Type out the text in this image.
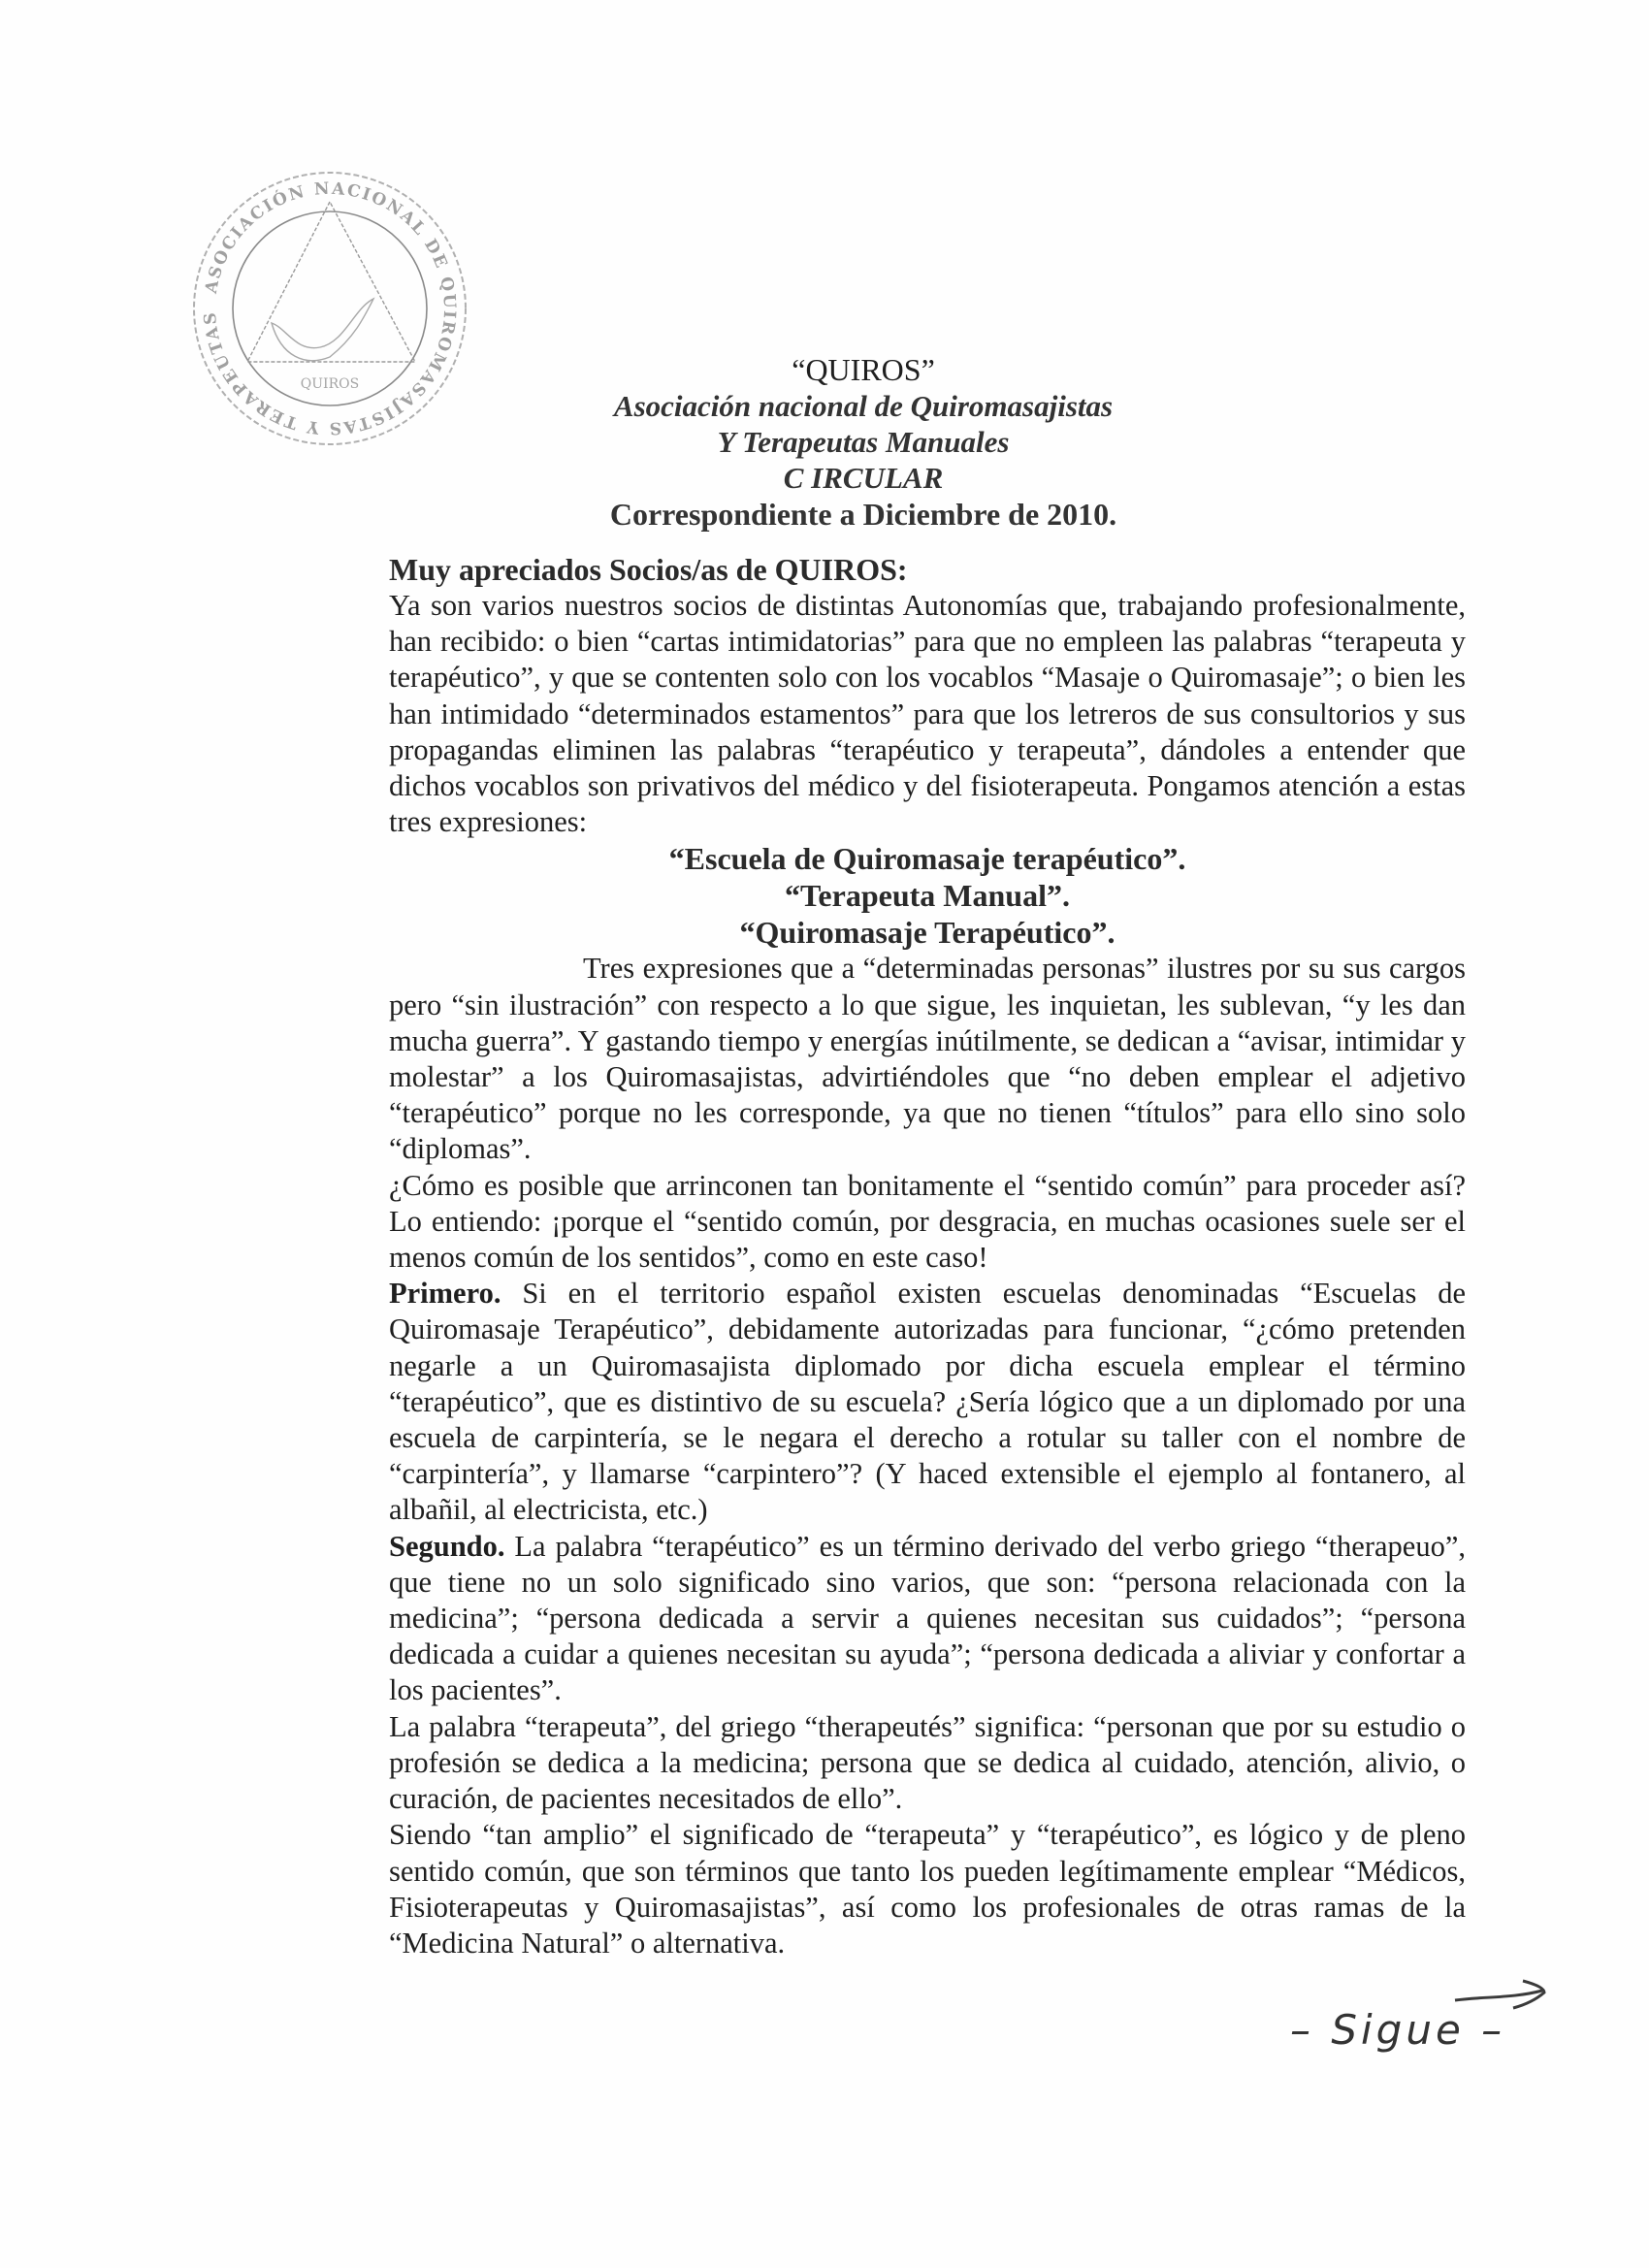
ASOCIACIÓN NACIONAL DE QUIROMASAJISTAS Y TERAPEUTAS
QUIROS	“QUIROS”
Asociación nacional de Quiromasajistas
Y Terapeutas Manuales
C IRCULAR
Correspondiente a Diciembre de 2010.

Muy apreciados Socios/as de QUIROS:

Ya son varios nuestros socios de distintas Autonomías que, trabajando profesionalmente, han recibido: o bien “cartas intimidatorias” para que no empleen las palabras “terapeuta y terapéutico”, y que se contenten solo con los vocablos “Masaje o Quiromasaje”; o bien les han intimidado “determinados estamentos” para que los letreros de sus consultorios y sus propagandas eliminen las palabras “terapéutico y terapeuta”, dándoles a entender que dichos vocablos son privativos del médico y del fisioterapeuta. Pongamos atención a estas tres expresiones:

“Escuela de Quiromasaje terapéutico”.

“Terapeuta Manual”.

“Quiromasaje Terapéutico”.

Tres expresiones que a “determinadas personas” ilustres por su sus cargos pero “sin ilustración” con respecto a lo que sigue, les inquietan, les sublevan, “y les dan mucha guerra”. Y gastando tiempo y energías inútilmente, se dedican a “avisar, intimidar y molestar” a los Quiromasajistas, advirtiéndoles que “no deben emplear el adjetivo “terapéutico” porque no les corresponde, ya que no tienen “títulos” para ello sino solo “diplomas”.

¿Cómo es posible que arrinconen tan bonitamente el “sentido común” para proceder así? Lo entiendo: ¡porque el “sentido común, por desgracia, en muchas ocasiones suele ser el menos común de los sentidos”, como en este caso!

Primero. Si en el territorio español existen escuelas denominadas “Escuelas de Quiromasaje Terapéutico”, debidamente autorizadas para funcionar, “¿cómo pretenden negarle a un Quiromasajista diplomado por dicha escuela emplear el término “terapéutico”, que es distintivo de su escuela? ¿Sería lógico que a un diplomado por una escuela de carpintería, se le negara el derecho a rotular su taller con el nombre de “carpintería”, y llamarse “carpintero”? (Y haced extensible el ejemplo al fontanero, al albañil, al electricista, etc.)

Segundo. La palabra “terapéutico” es un término derivado del verbo griego “therapeuo”, que tiene no un solo significado sino varios, que son: “persona relacionada con la medicina”; “persona dedicada a servir a quienes necesitan sus cuidados”; “persona dedicada a cuidar a quienes necesitan su ayuda”; “persona dedicada a aliviar y confortar a los pacientes”.

La palabra “terapeuta”, del griego “therapeutés” significa: “personan que por su estudio o profesión se dedica a la medicina; persona que se dedica al cuidado, atención, alivio, o curación, de pacientes necesitados de ello”.

Siendo “tan amplio” el significado de “terapeuta” y “terapéutico”, es lógico y de pleno sentido común, que son términos que tanto los pueden legítimamente emplear “Médicos, Fisioterapeutas y Quiromasajistas”, así como los profesionales de otras ramas de la “Medicina Natural” o alternativa.

– Sigue –
